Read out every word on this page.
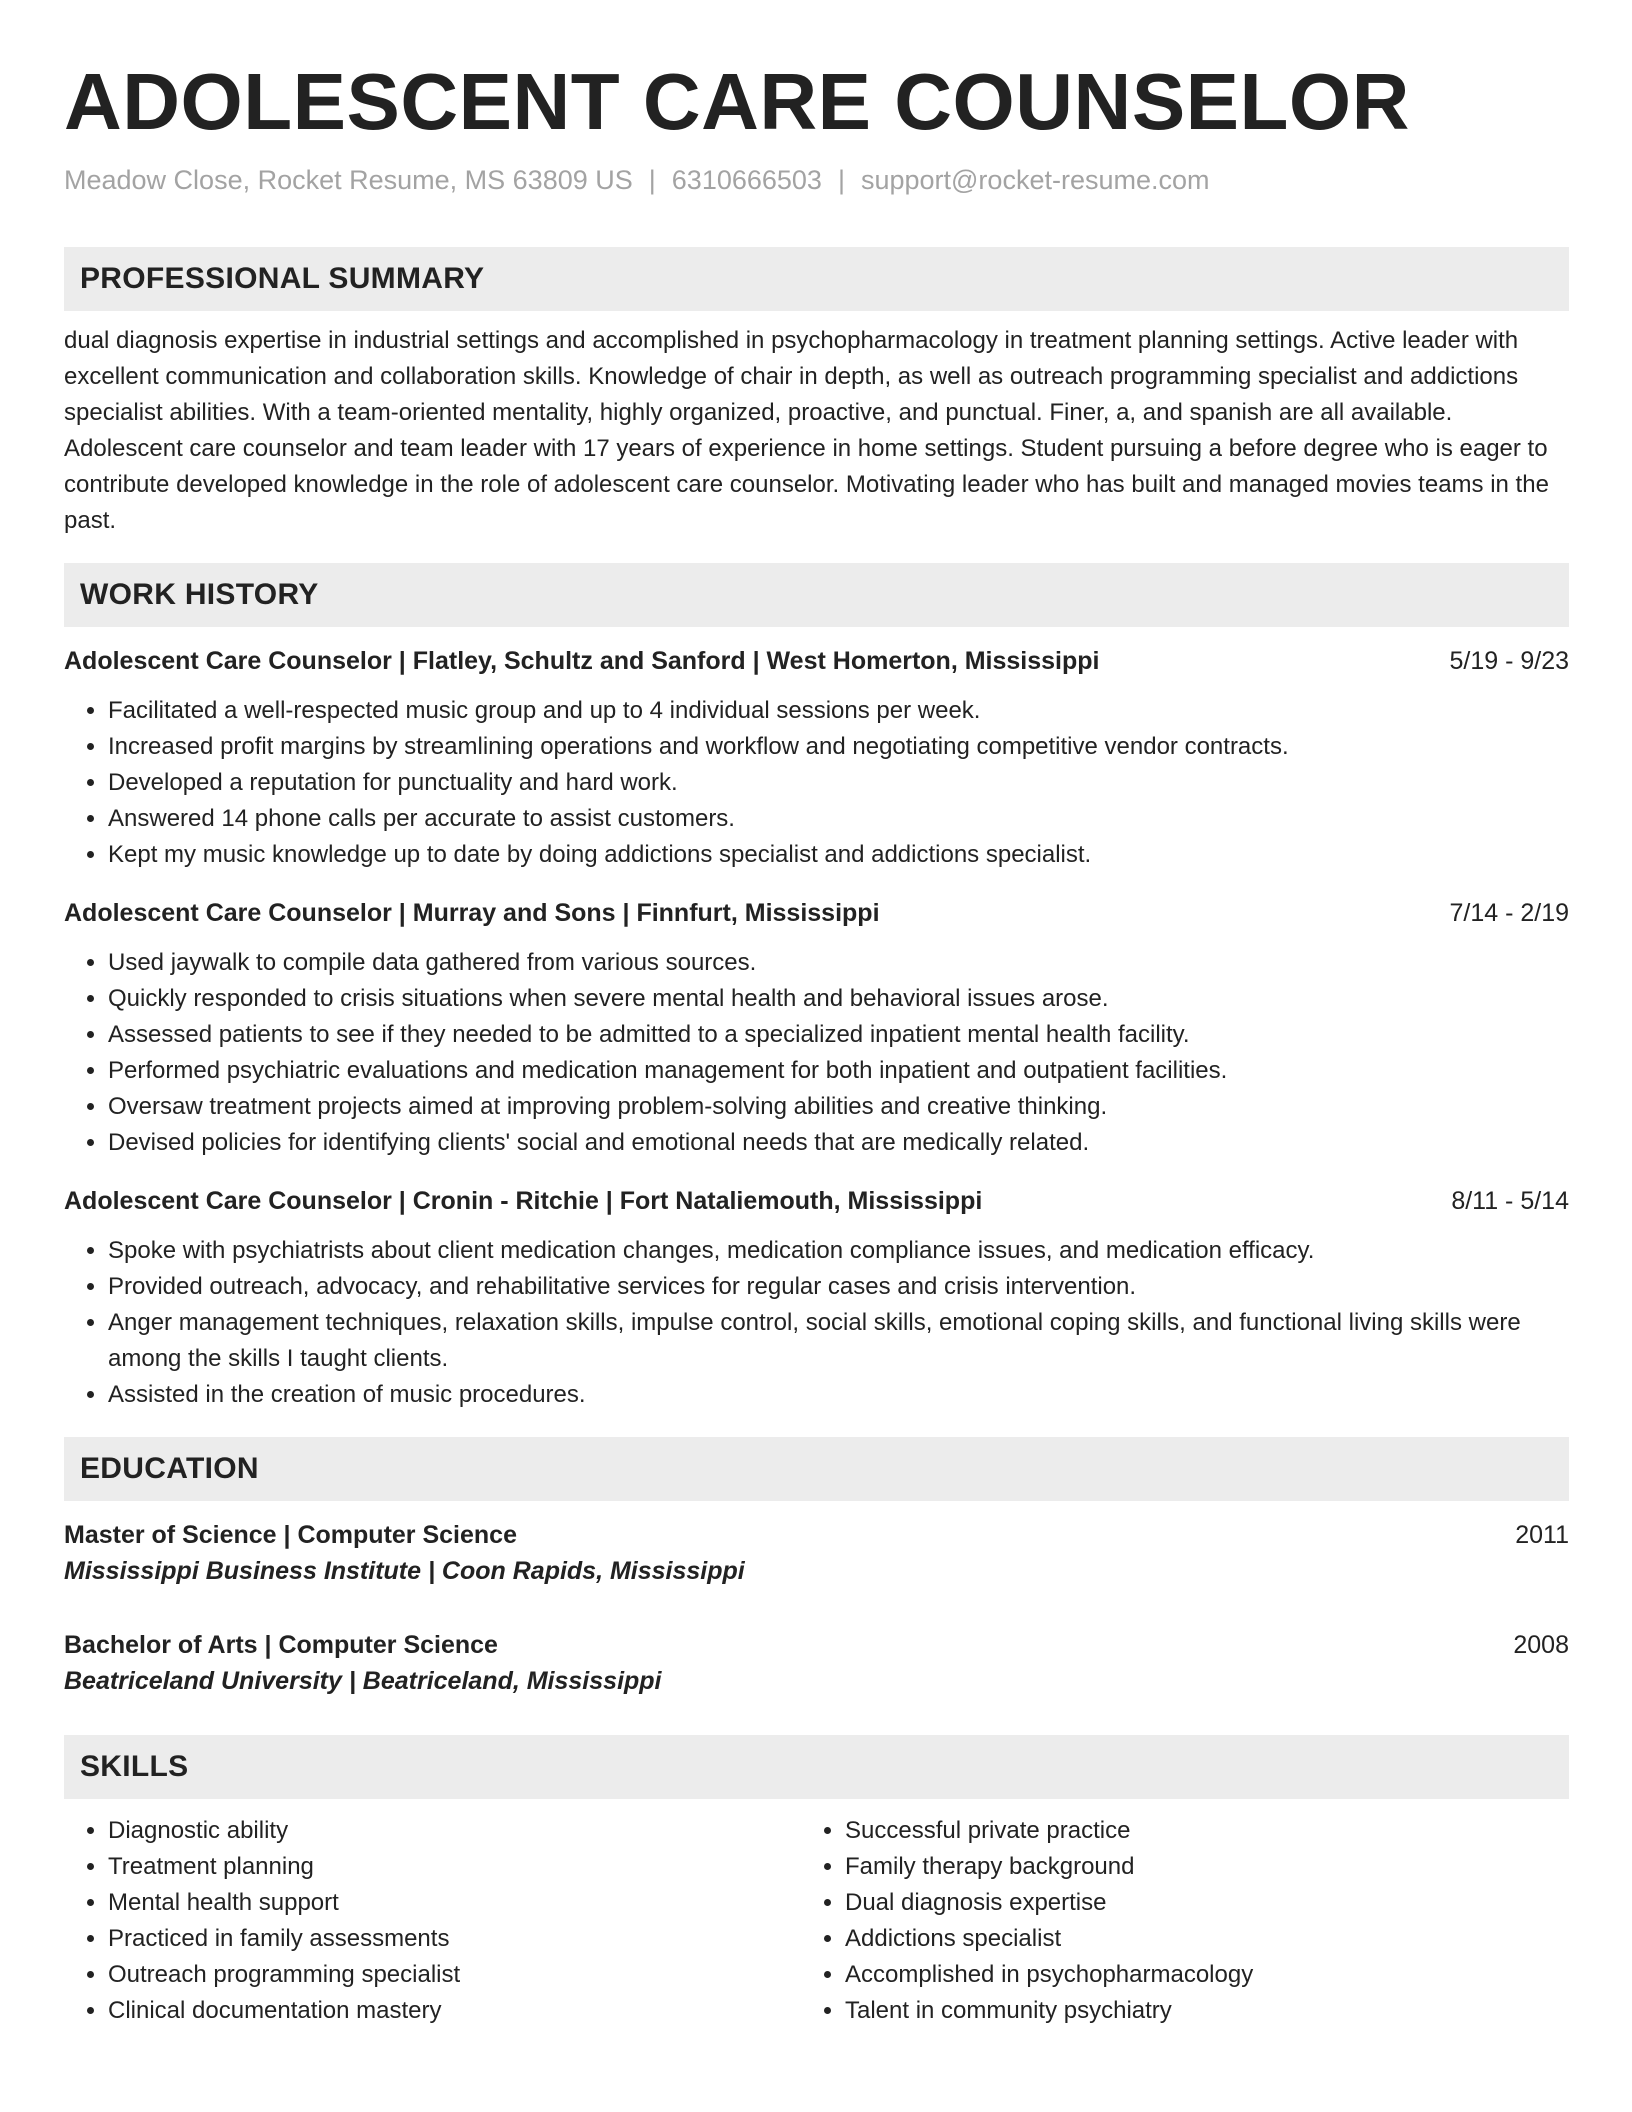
ADOLESCENT CARE COUNSELOR
Meadow Close, Rocket Resume, MS 63809 US | 6310666503 | support@rocket-resume.com
PROFESSIONAL SUMMARY

dual diagnosis expertise in industrial settings and accomplished in psychopharmacology in treatment planning settings. Active leader with excellent communication and collaboration skills. Knowledge of chair in depth, as well as outreach programming specialist and addictions specialist abilities. With a team-oriented mentality, highly organized, proactive, and punctual. Finer, a, and spanish are all available. Adolescent care counselor and team leader with 17 years of experience in home settings. Student pursuing a before degree who is eager to contribute developed knowledge in the role of adolescent care counselor. Motivating leader who has built and managed movies teams in the past.

WORK HISTORY
Adolescent Care Counselor | Flatley, Schultz and Sanford | West Homerton, Mississippi	5/19 - 9/23
• Facilitated a well-respected music group and up to 4 individual sessions per week.
• Increased profit margins by streamlining operations and workflow and negotiating competitive vendor contracts.
• Developed a reputation for punctuality and hard work.
• Answered 14 phone calls per accurate to assist customers.
• Kept my music knowledge up to date by doing addictions specialist and addictions specialist.
Adolescent Care Counselor | Murray and Sons | Finnfurt, Mississippi	7/14 - 2/19
• Used jaywalk to compile data gathered from various sources.
• Quickly responded to crisis situations when severe mental health and behavioral issues arose.
• Assessed patients to see if they needed to be admitted to a specialized inpatient mental health facility.
• Performed psychiatric evaluations and medication management for both inpatient and outpatient facilities.
• Oversaw treatment projects aimed at improving problem-solving abilities and creative thinking.
• Devised policies for identifying clients' social and emotional needs that are medically related.
Adolescent Care Counselor | Cronin - Ritchie | Fort Nataliemouth, Mississippi	8/11 - 5/14
• Spoke with psychiatrists about client medication changes, medication compliance issues, and medication efficacy.
• Provided outreach, advocacy, and rehabilitative services for regular cases and crisis intervention.
• Anger management techniques, relaxation skills, impulse control, social skills, emotional coping skills, and functional living skills were among the skills I taught clients.
• Assisted in the creation of music procedures.
EDUCATION
Master of Science | Computer Science	2011
Mississippi Business Institute | Coon Rapids, Mississippi
Bachelor of Arts | Computer Science	2008
Beatriceland University | Beatriceland, Mississippi
SKILLS
• Diagnostic ability
• Treatment planning
• Mental health support
• Practiced in family assessments
• Outreach programming specialist
• Clinical documentation mastery
• Successful private practice
• Family therapy background
• Dual diagnosis expertise
• Addictions specialist
• Accomplished in psychopharmacology
• Talent in community psychiatry
